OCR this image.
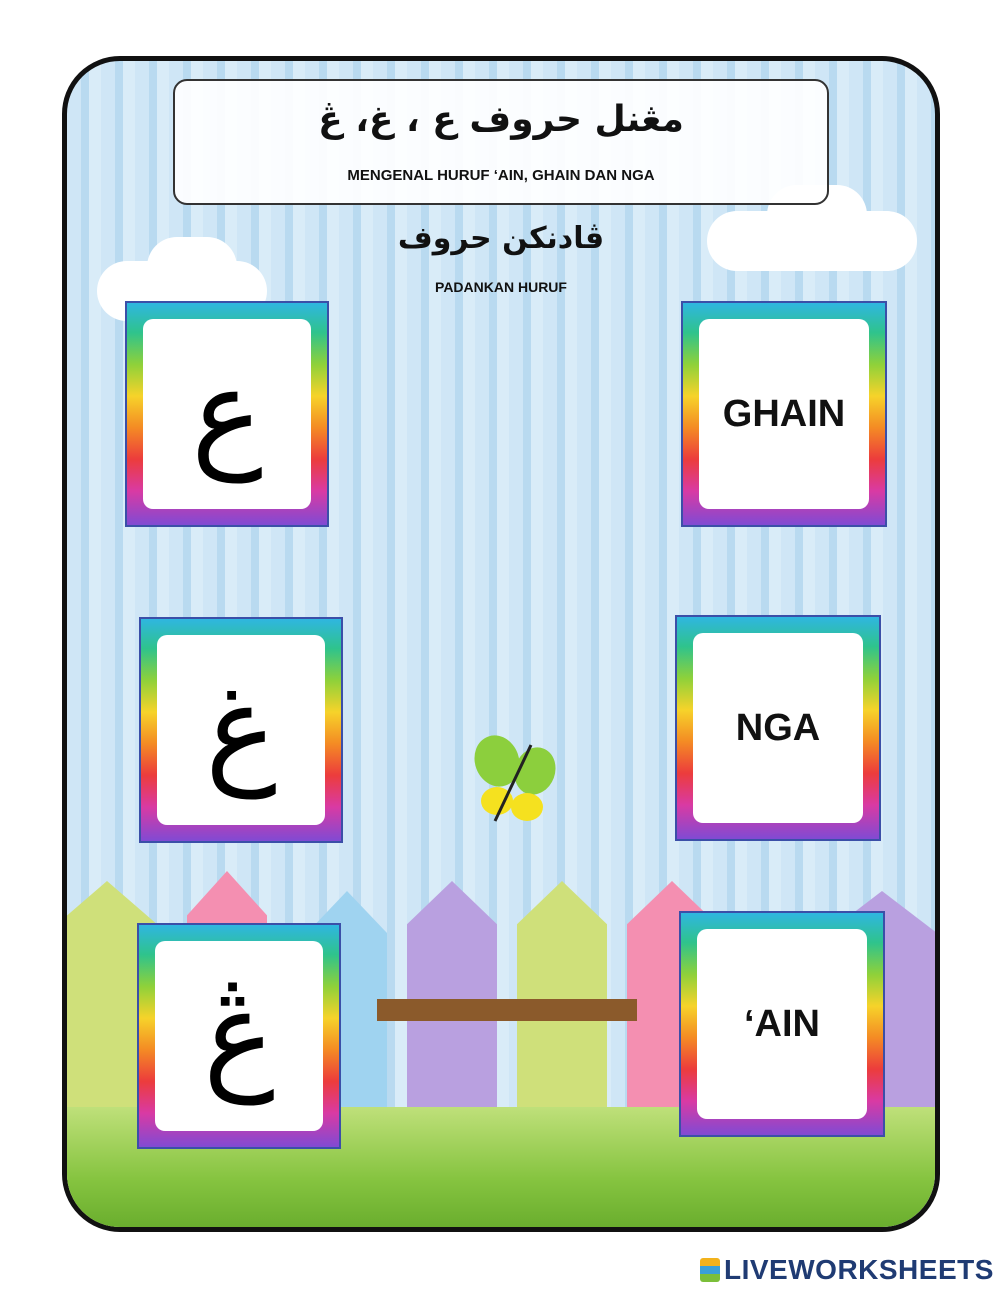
مڠنل حروف ع ، غ، ڠ
MENGENAL HURUF ‘AIN, GHAIN DAN NGA
ڤادنكن حروف
PADANKAN HURUF
ع
غ
ڠ
GHAIN
NGA
‘AIN
LIVEWORKSHEETS
